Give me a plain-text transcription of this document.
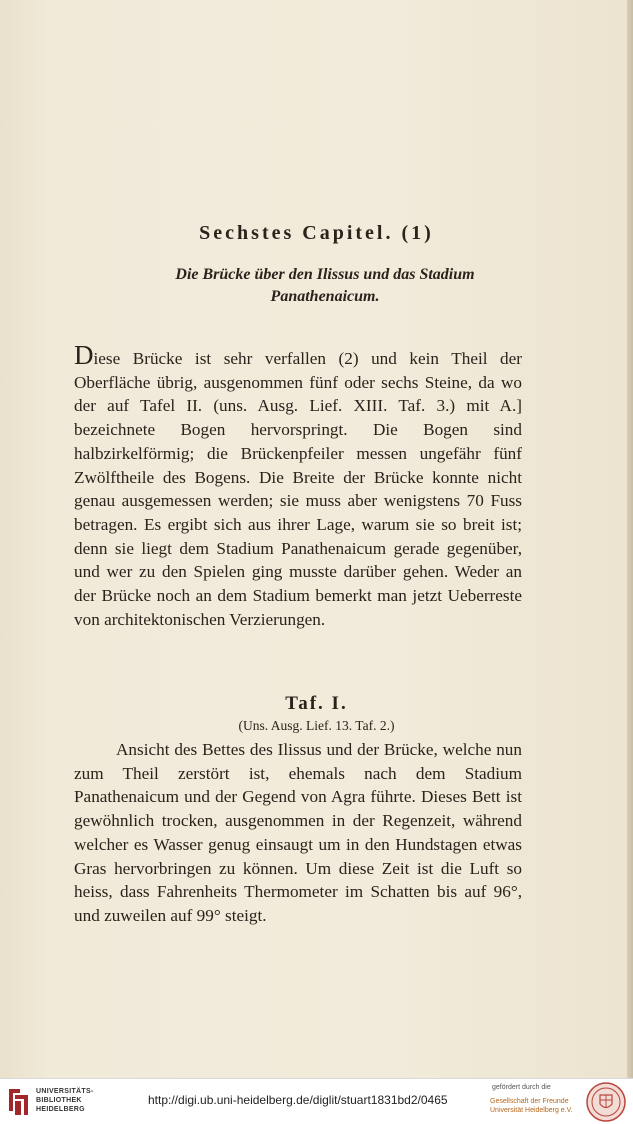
Sechstes Capitel. (1)
Die Brücke über den Ilissus und das Stadium
Panathenaicum.

Diese Brücke ist sehr verfallen (2) und kein Theil der Oberfläche übrig, ausgenommen fünf oder sechs Steine, da wo der auf Tafel II. (uns. Ausg. Lief. XIII. Taf. 3.) mit A.] bezeichnete Bogen hervorspringt. Die Bogen sind halbzirkelförmig; die Brückenpfeiler messen ungefähr fünf Zwölftheile des Bogens. Die Breite der Brücke konnte nicht genau ausgemessen werden; sie muss aber wenigstens 70 Fuss betragen. Es ergibt sich aus ihrer Lage, warum sie so breit ist; denn sie liegt dem Stadium Panathenaicum gerade gegenüber, und wer zu den Spielen ging musste darüber gehen. Weder an der Brücke noch an dem Stadium bemerkt man jetzt Ueberreste von architektonischen Verzierungen.

Taf. I.
(Uns. Ausg. Lief. 13. Taf. 2.)

Ansicht des Bettes des Ilissus und der Brücke, welche nun zum Theil zerstört ist, ehemals nach dem Stadium Panathenaicum und der Gegend von Agra führte. Dieses Bett ist gewöhnlich trocken, ausgenommen in der Regenzeit, während welcher es Wasser genug einsaugt um in den Hundstagen etwas Gras hervorbringen zu können. Um diese Zeit ist die Luft so heiss, dass Fahrenheits Thermometer im Schatten bis auf 96°, und zuweilen auf 99° steigt.

UNIVERSITÄTS-
BIBLIOTHEK
HEIDELBERG
http://digi.ub.uni-heidelberg.de/diglit/stuart1831bd2/0465
gefördert durch die
Gesellschaft der Freunde
Universität Heidelberg e.V.
